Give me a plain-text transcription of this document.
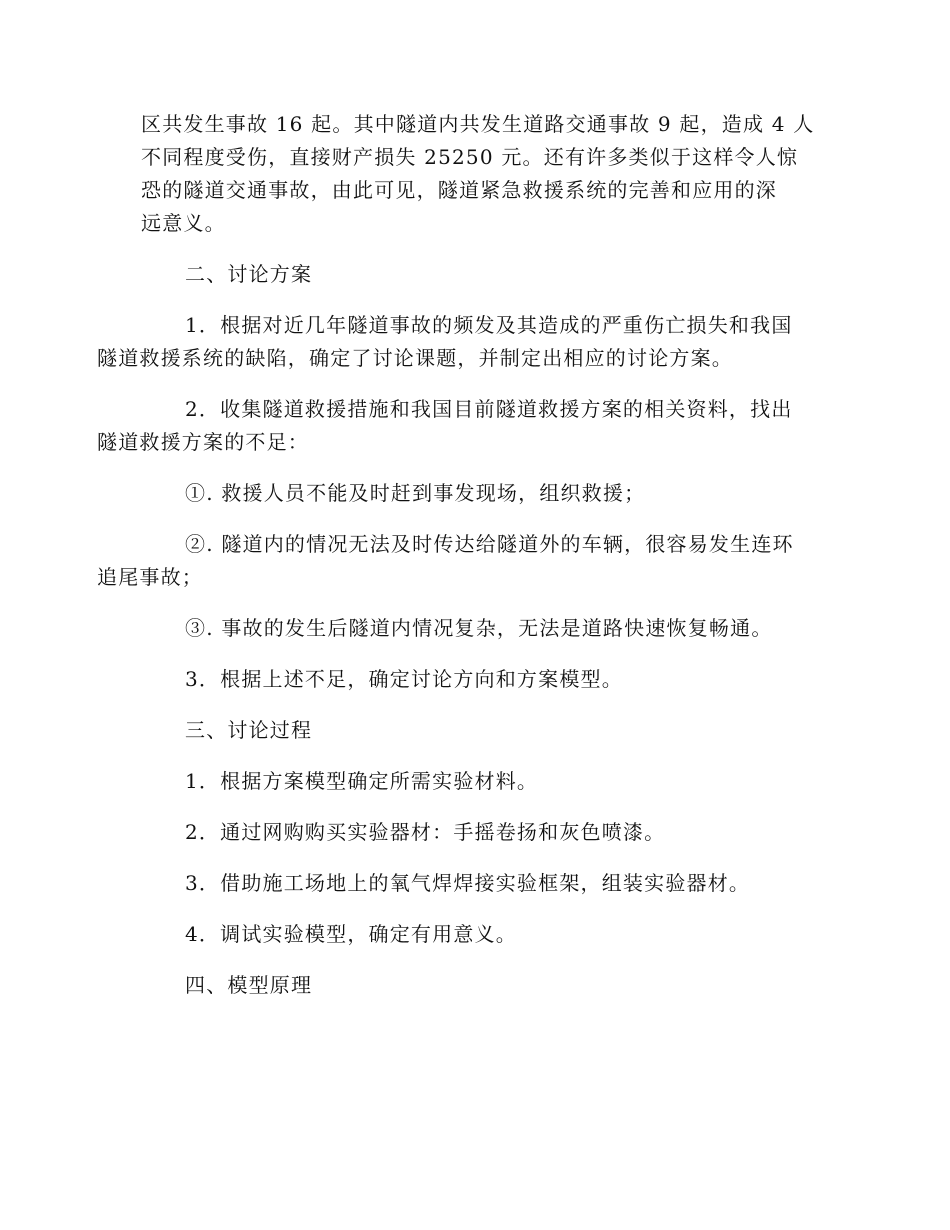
区共发生事故 16 起。其中隧道内共发生道路交通事故 9 起，造成 4 人

不同程度受伤，直接财产损失 25250 元。还有许多类似于这样令人惊

恐的隧道交通事故，由此可见，隧道紧急救援系统的完善和应用的深

远意义。

二、讨论方案

1．根据对近几年隧道事故的频发及其造成的严重伤亡损失和我国

隧道救援系统的缺陷，确定了讨论课题，并制定出相应的讨论方案。

2．收集隧道救援措施和我国目前隧道救援方案的相关资料，找出

隧道救援方案的不足：

①. 救援人员不能及时赶到事发现场，组织救援；

②. 隧道内的情况无法及时传达给隧道外的车辆，很容易发生连环

追尾事故；

③. 事故的发生后隧道内情况复杂，无法是道路快速恢复畅通。

3．根据上述不足，确定讨论方向和方案模型。

三、讨论过程

1．根据方案模型确定所需实验材料。

2．通过网购购买实验器材：手摇卷扬和灰色喷漆。

3．借助施工场地上的氧气焊焊接实验框架，组装实验器材。

4．调试实验模型，确定有用意义。

四、模型原理
